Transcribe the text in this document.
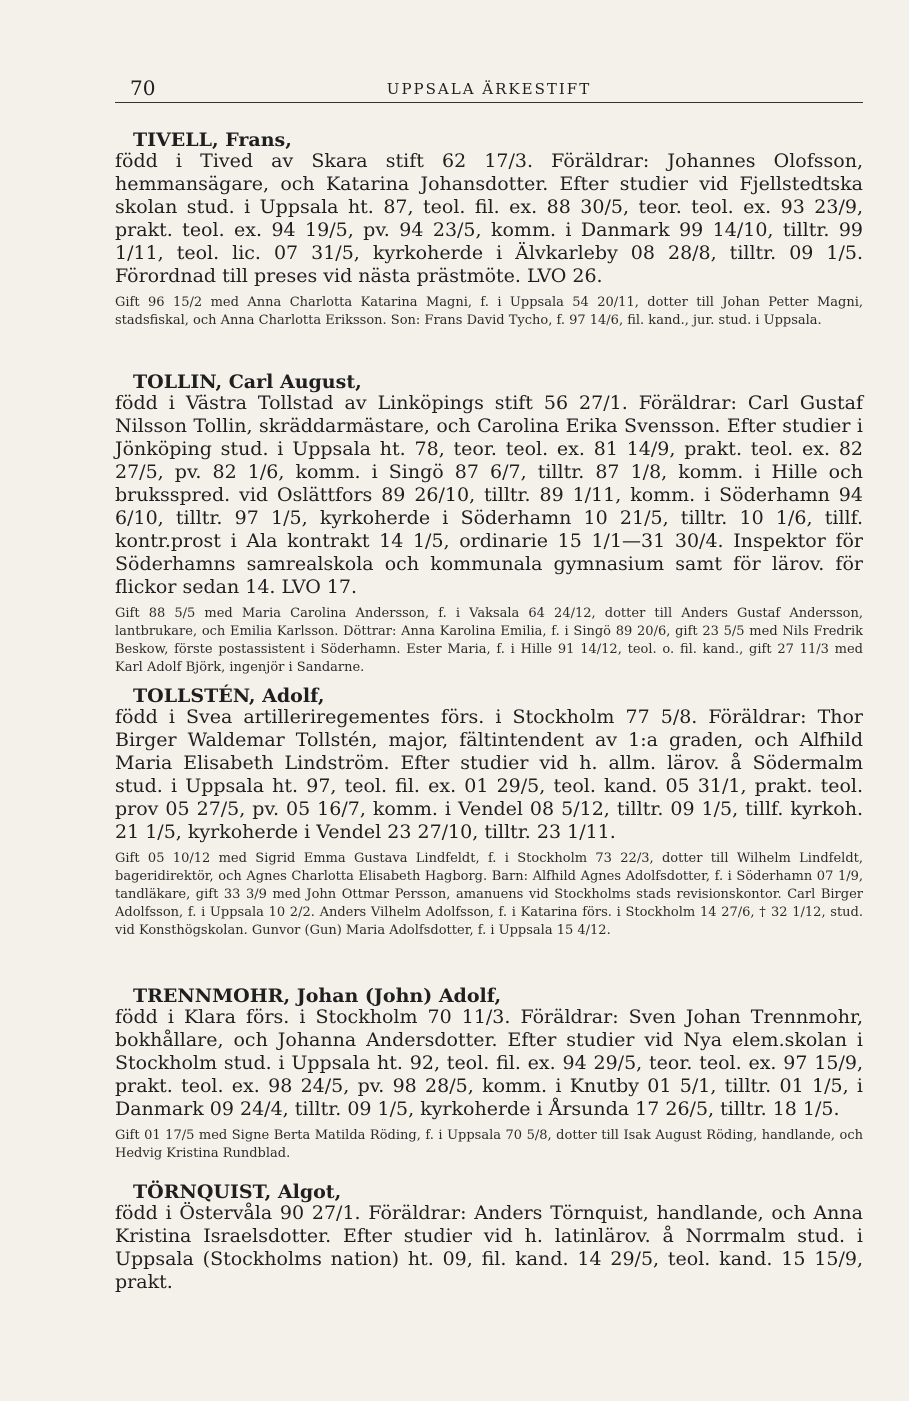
70	UPPSALA ÄRKESTIFT

TIVELL, Frans,

född i Tived av Skara stift 62 17/3. Föräldrar: Johannes Olofsson, hemmansägare, och Katarina Johansdotter. Efter studier vid Fjellstedtska skolan stud. i Uppsala ht. 87, teol. fil. ex. 88 30/5, teor. teol. ex. 93 23/9, prakt. teol. ex. 94 19/5, pv. 94 23/5, komm. i Danmark 99 14/10, tilltr. 99 1/11, teol. lic. 07 31/5, kyrkoherde i Älvkarleby 08 28/8, tilltr. 09 1/5. Förordnad till preses vid nästa prästmöte. LVO 26.

Gift 96 15/2 med Anna Charlotta Katarina Magni, f. i Uppsala 54 20/11, dotter till Johan Petter Magni, stadsfiskal, och Anna Charlotta Eriksson. Son: Frans David Tycho, f. 97 14/6, fil. kand., jur. stud. i Uppsala.

TOLLIN, Carl August,

född i Västra Tollstad av Linköpings stift 56 27/1. Föräldrar: Carl Gustaf Nilsson Tollin, skräddarmästare, och Carolina Erika Svensson. Efter studier i Jönköping stud. i Uppsala ht. 78, teor. teol. ex. 81 14/9, prakt. teol. ex. 82 27/5, pv. 82 1/6, komm. i Singö 87 6/7, tilltr. 87 1/8, komm. i Hille och bruksspred. vid Oslättfors 89 26/10, tilltr. 89 1/11, komm. i Söderhamn 94 6/10, tilltr. 97 1/5, kyrkoherde i Söderhamn 10 21/5, tilltr. 10 1/6, tillf. kontr.prost i Ala kontrakt 14 1/5, ordinarie 15 1/1—31 30/4. Inspektor för Söderhamns samrealskola och kommunala gymnasium samt för lärov. för flickor sedan 14. LVO 17.

Gift 88 5/5 med Maria Carolina Andersson, f. i Vaksala 64 24/12, dotter till Anders Gustaf Andersson, lantbrukare, och Emilia Karlsson. Döttrar: Anna Karolina Emilia, f. i Singö 89 20/6, gift 23 5/5 med Nils Fredrik Beskow, förste postassistent i Söderhamn. Ester Maria, f. i Hille 91 14/12, teol. o. fil. kand., gift 27 11/3 med Karl Adolf Björk, ingenjör i Sandarne.

TOLLSTÉN, Adolf,

född i Svea artilleriregementes förs. i Stockholm 77 5/8. Föräldrar: Thor Birger Waldemar Tollstén, major, fältintendent av 1:a graden, och Alfhild Maria Elisabeth Lindström. Efter studier vid h. allm. lärov. å Södermalm stud. i Uppsala ht. 97, teol. fil. ex. 01 29/5, teol. kand. 05 31/1, prakt. teol. prov 05 27/5, pv. 05 16/7, komm. i Vendel 08 5/12, tilltr. 09 1/5, tillf. kyrkoh. 21 1/5, kyrkoherde i Vendel 23 27/10, tilltr. 23 1/11.

Gift 05 10/12 med Sigrid Emma Gustava Lindfeldt, f. i Stockholm 73 22/3, dotter till Wilhelm Lindfeldt, bageridirektör, och Agnes Charlotta Elisabeth Hagborg. Barn: Alfhild Agnes Adolfsdotter, f. i Söderhamn 07 1/9, tandläkare, gift 33 3/9 med John Ottmar Persson, amanuens vid Stockholms stads revisionskontor. Carl Birger Adolfsson, f. i Uppsala 10 2/2. Anders Vilhelm Adolfsson, f. i Katarina förs. i Stockholm 14 27/6, † 32 1/12, stud. vid Konsthögskolan. Gunvor (Gun) Maria Adolfsdotter, f. i Uppsala 15 4/12.

TRENNMOHR, Johan (John) Adolf,

född i Klara förs. i Stockholm 70 11/3. Föräldrar: Sven Johan Trennmohr, bokhållare, och Johanna Andersdotter. Efter studier vid Nya elem.skolan i Stockholm stud. i Uppsala ht. 92, teol. fil. ex. 94 29/5, teor. teol. ex. 97 15/9, prakt. teol. ex. 98 24/5, pv. 98 28/5, komm. i Knutby 01 5/1, tilltr. 01 1/5, i Danmark 09 24/4, tilltr. 09 1/5, kyrkoherde i Årsunda 17 26/5, tilltr. 18 1/5.

Gift 01 17/5 med Signe Berta Matilda Röding, f. i Uppsala 70 5/8, dotter till Isak August Röding, handlande, och Hedvig Kristina Rundblad.

TÖRNQUIST, Algot,

född i Östervåla 90 27/1. Föräldrar: Anders Törnquist, handlande, och Anna Kristina Israelsdotter. Efter studier vid h. latinlärov. å Norrmalm stud. i Uppsala (Stockholms nation) ht. 09, fil. kand. 14 29/5, teol. kand. 15 15/9, prakt.
